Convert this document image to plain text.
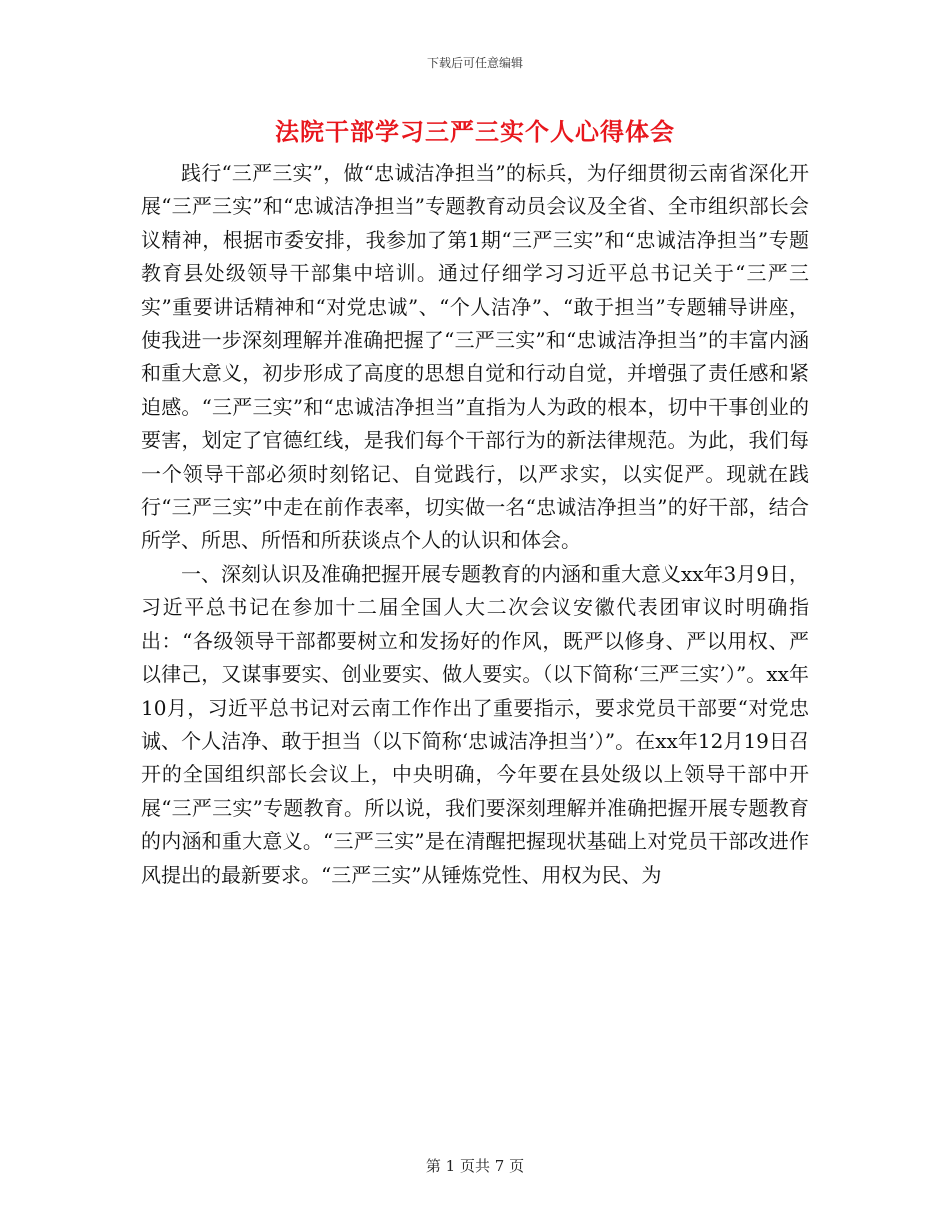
下载后可任意编辑
法院干部学习三严三实个人心得体会

践行“三严三实”，做“忠诚洁净担当”的标兵，为仔细贯彻云南省深化开展“三严三实”和“忠诚洁净担当”专题教育动员会议及全省、全市组织部长会议精神，根据市委安排，我参加了第1期“三严三实”和“忠诚洁净担当”专题教育县处级领导干部集中培训。通过仔细学习习近平总书记关于“三严三实”重要讲话精神和“对党忠诚”、“个人洁净”、“敢于担当”专题辅导讲座，使我进一步深刻理解并准确把握了“三严三实”和“忠诚洁净担当”的丰富内涵和重大意义，初步形成了高度的思想自觉和行动自觉，并增强了责任感和紧迫感。“三严三实”和“忠诚洁净担当”直指为人为政的根本，切中干事创业的要害，划定了官德红线，是我们每个干部行为的新法律规范。为此，我们每一个领导干部必须时刻铭记、自觉践行，以严求实，以实促严。现就在践行“三严三实”中走在前作表率，切实做一名“忠诚洁净担当”的好干部，结合所学、所思、所悟和所获谈点个人的认识和体会。

一、深刻认识及准确把握开展专题教育的内涵和重大意义xx年3月9日，习近平总书记在参加十二届全国人大二次会议安徽代表团审议时明确指出：“各级领导干部都要树立和发扬好的作风，既严以修身、严以用权、严以律己，又谋事要实、创业要实、做人要实。（以下简称‘三严三实’）”。xx年10月，习近平总书记对云南工作作出了重要指示，要求党员干部要“对党忠诚、个人洁净、敢于担当（以下简称‘忠诚洁净担当’）”。在xx年12月19日召开的全国组织部长会议上，中央明确，今年要在县处级以上领导干部中开展“三严三实”专题教育。所以说，我们要深刻理解并准确把握开展专题教育的内涵和重大意义。“三严三实”是在清醒把握现状基础上对党员干部改进作风提出的最新要求。“三严三实”从锤炼党性、用权为民、为

第 1 页共 7 页
